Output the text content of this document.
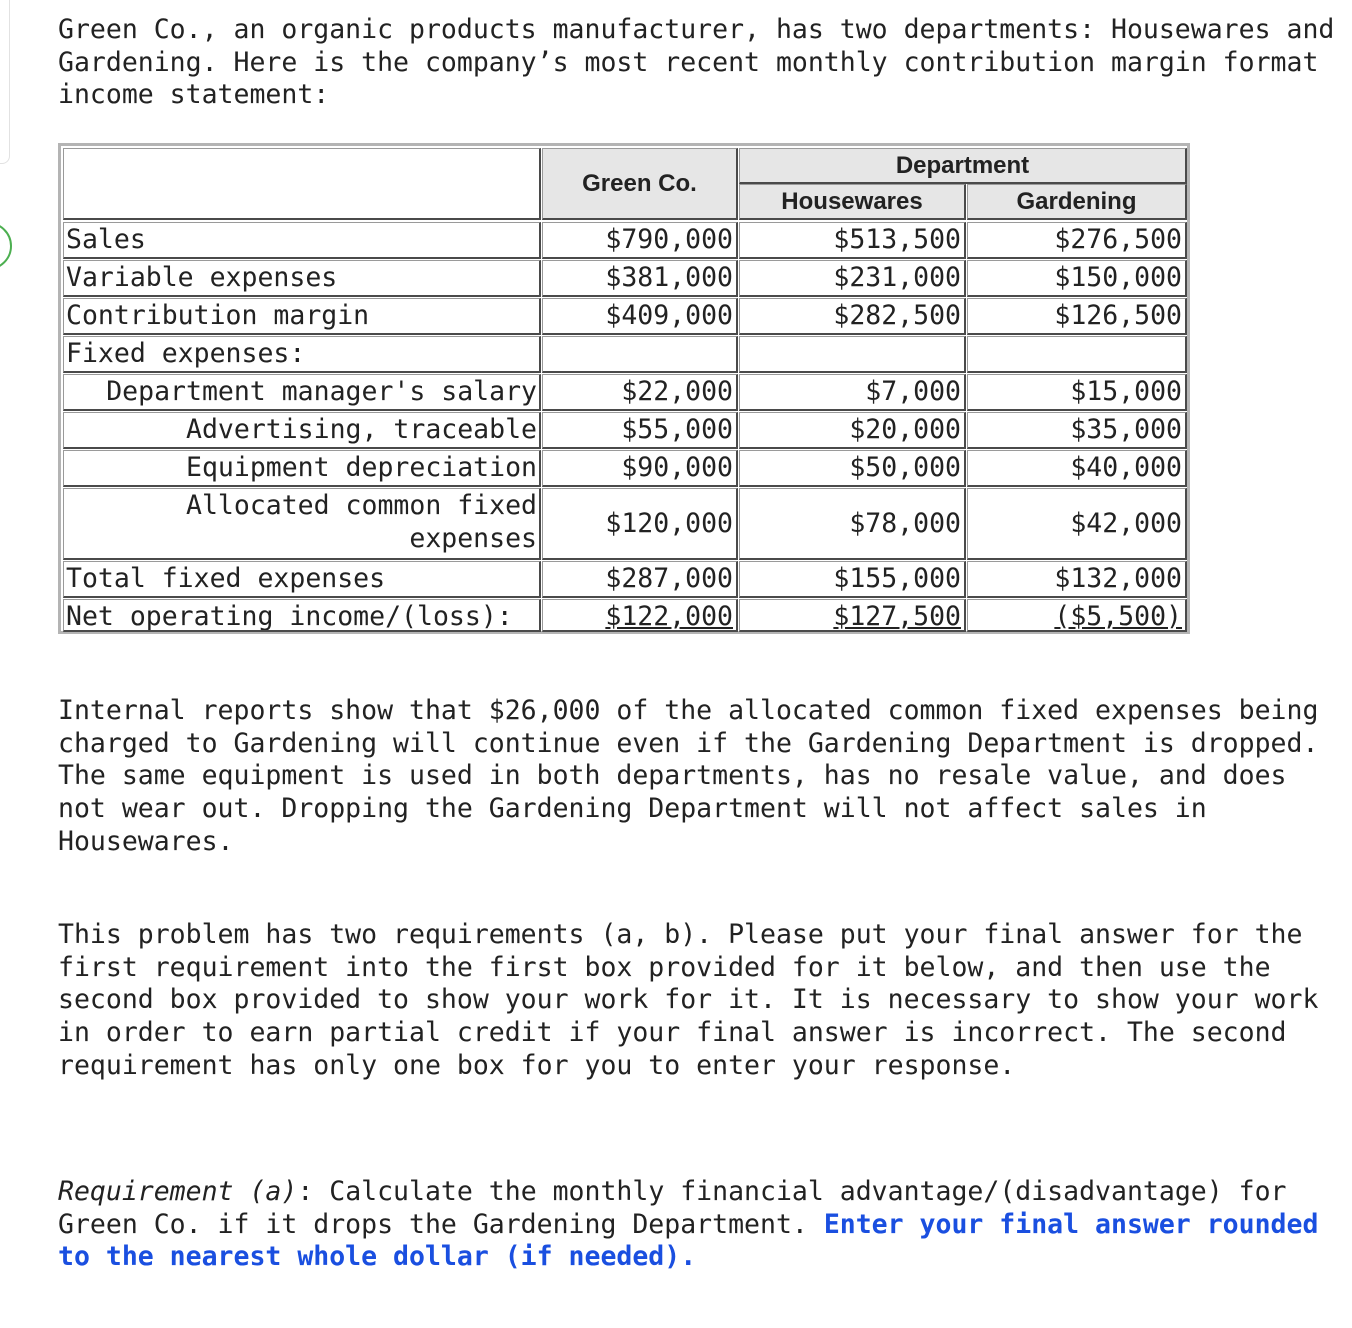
Green Co., an organic products manufacturer, has two departments: Housewares and Gardening. Here is the company’s most recent monthly contribution margin format income statement:

Green Co.
Department
Housewares	Gardening
Sales	$790,000	$513,500	$276,500
Variable expenses	$381,000	$231,000	$150,000
Contribution margin	$409,000	$282,500	$126,500
Fixed expenses:
Department manager's salary	$22,000	$7,000	$15,000
Advertising, traceable	$55,000	$20,000	$35,000
Equipment depreciation	$90,000	$50,000	$40,000
Allocated common fixed
expenses	$120,000	$78,000	$42,000
Total fixed expenses	$287,000	$155,000	$132,000
Net operating income/(loss):	$122,000	$127,500	($5,500)

Internal reports show that $26,000 of the allocated common fixed expenses being charged to Gardening will continue even if the Gardening Department is dropped. The same equipment is used in both departments, has no resale value, and does not wear out. Dropping the Gardening Department will not affect sales in Housewares.

This problem has two requirements (a, b). Please put your final answer for the first requirement into the first box provided for it below, and then use the second box provided to show your work for it. It is necessary to show your work in order to earn partial credit if your final answer is incorrect. The second requirement has only one box for you to enter your response.

Requirement (a): Calculate the monthly financial advantage/(disadvantage) for Green Co. if it drops the Gardening Department. Enter your final answer rounded to the nearest whole dollar (if needed).
